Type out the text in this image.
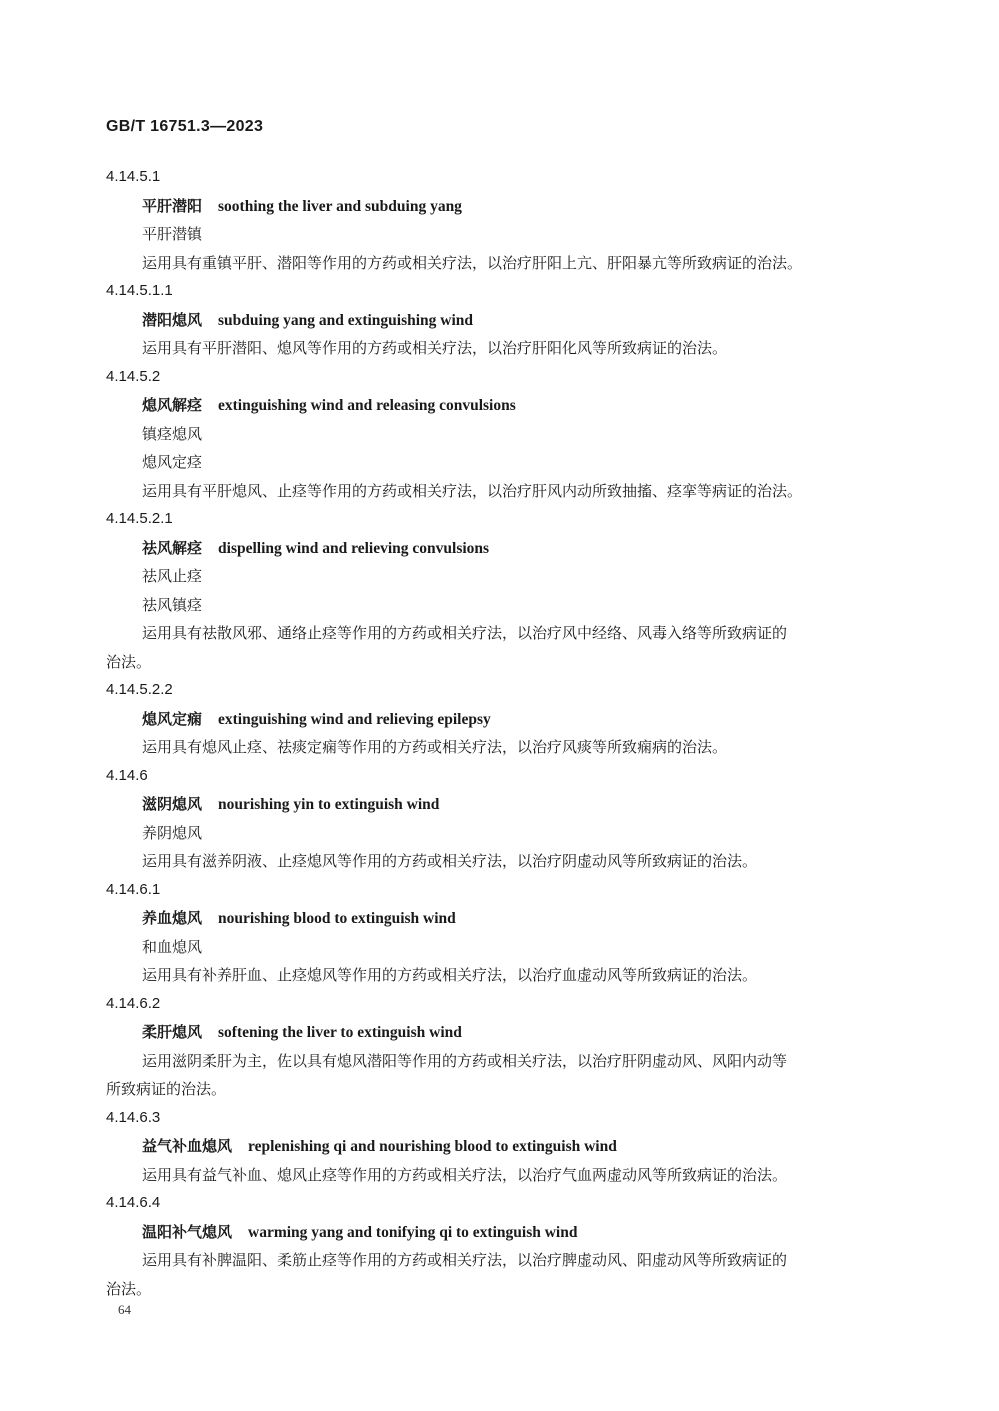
GB/T 16751.3—2023
4.14.5.1
平肝潜阳 soothing the liver and subduing yang
平肝潜镇
运用具有重镇平肝、潜阳等作用的方药或相关疗法，以治疗肝阳上亢、肝阳暴亢等所致病证的治法。
4.14.5.1.1
潜阳熄风 subduing yang and extinguishing wind
运用具有平肝潜阳、熄风等作用的方药或相关疗法，以治疗肝阳化风等所致病证的治法。
4.14.5.2
熄风解痉 extinguishing wind and releasing convulsions
镇痉熄风
熄风定痉
运用具有平肝熄风、止痉等作用的方药或相关疗法，以治疗肝风内动所致抽搐、痉挛等病证的治法。
4.14.5.2.1
祛风解痉 dispelling wind and relieving convulsions
祛风止痉
祛风镇痉
运用具有祛散风邪、通络止痉等作用的方药或相关疗法，以治疗风中经络、风毒入络等所致病证的
治法。
4.14.5.2.2
熄风定痫 extinguishing wind and relieving epilepsy
运用具有熄风止痉、祛痰定痫等作用的方药或相关疗法，以治疗风痰等所致痫病的治法。
4.14.6
滋阴熄风 nourishing yin to extinguish wind
养阴熄风
运用具有滋养阴液、止痉熄风等作用的方药或相关疗法，以治疗阴虚动风等所致病证的治法。
4.14.6.1
养血熄风 nourishing blood to extinguish wind
和血熄风
运用具有补养肝血、止痉熄风等作用的方药或相关疗法，以治疗血虚动风等所致病证的治法。
4.14.6.2
柔肝熄风 softening the liver to extinguish wind
运用滋阴柔肝为主，佐以具有熄风潜阳等作用的方药或相关疗法，以治疗肝阴虚动风、风阳内动等
所致病证的治法。
4.14.6.3
益气补血熄风 replenishing qi and nourishing blood to extinguish wind
运用具有益气补血、熄风止痉等作用的方药或相关疗法，以治疗气血两虚动风等所致病证的治法。
4.14.6.4
温阳补气熄风 warming yang and tonifying qi to extinguish wind
运用具有补脾温阳、柔筋止痉等作用的方药或相关疗法，以治疗脾虚动风、阳虚动风等所致病证的
治法。
64
